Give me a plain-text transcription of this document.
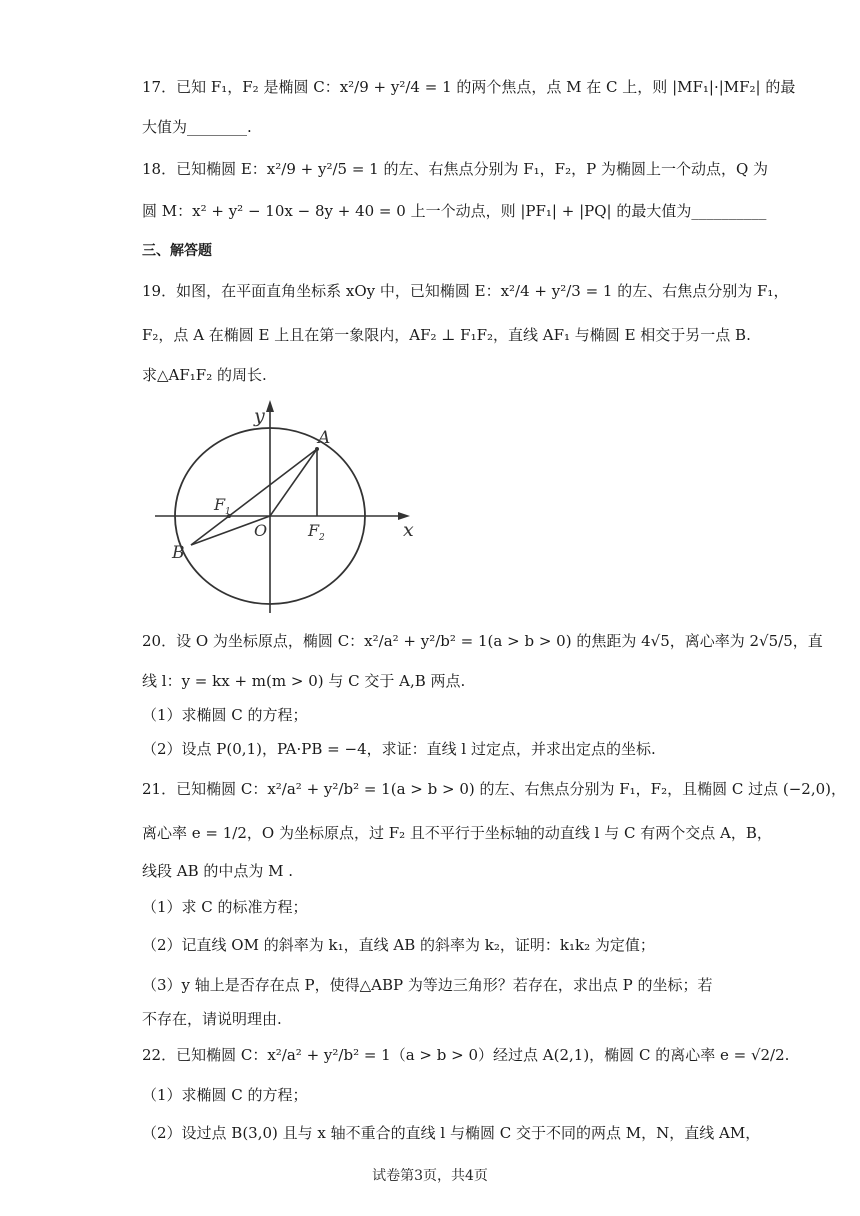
17．已知 F₁，F₂ 是椭圆 C：x²/9 + y²/4 = 1 的两个焦点，点 M 在 C 上，则 |MF₁|·|MF₂| 的最
大值为________.
18．已知椭圆 E：x²/9 + y²/5 = 1 的左、右焦点分别为 F₁，F₂，P 为椭圆上一个动点，Q 为
圆 M：x² + y² − 10x − 8y + 40 = 0 上一个动点，则 |PF₁| + |PQ| 的最大值为__________
三、解答题
19．如图，在平面直角坐标系 xOy 中，已知椭圆 E：x²/4 + y²/3 = 1 的左、右焦点分别为 F₁，
F₂，点 A 在椭圆 E 上且在第一象限内，AF₂ ⊥ F₁F₂，直线 AF₁ 与椭圆 E 相交于另一点 B.
求△AF₁F₂ 的周长.
y
x
A
B
O
F 1
F 2
20．设 O 为坐标原点，椭圆 C：x²/a² + y²/b² = 1(a > b > 0) 的焦距为 4√5，离心率为 2√5/5，直
线 l：y = kx + m(m > 0) 与 C 交于 A,B 两点.
（1）求椭圆 C 的方程；
（2）设点 P(0,1)，PA·PB = −4，求证：直线 l 过定点，并求出定点的坐标.
21．已知椭圆 C：x²/a² + y²/b² = 1(a > b > 0) 的左、右焦点分别为 F₁，F₂，且椭圆 C 过点 (−2,0)，
离心率 e = 1/2，O 为坐标原点，过 F₂ 且不平行于坐标轴的动直线 l 与 C 有两个交点 A，B，
线段 AB 的中点为 M .
（1）求 C 的标准方程；
（2）记直线 OM 的斜率为 k₁，直线 AB 的斜率为 k₂，证明：k₁k₂ 为定值；
（3）y 轴上是否存在点 P，使得△ABP 为等边三角形？若存在，求出点 P 的坐标；若
不存在，请说明理由.
22．已知椭圆 C：x²/a² + y²/b² = 1（a > b > 0）经过点 A(2,1)，椭圆 C 的离心率 e = √2/2.
（1）求椭圆 C 的方程；
（2）设过点 B(3,0) 且与 x 轴不重合的直线 l 与椭圆 C 交于不同的两点 M，N，直线 AM，
试卷第3页，共4页
